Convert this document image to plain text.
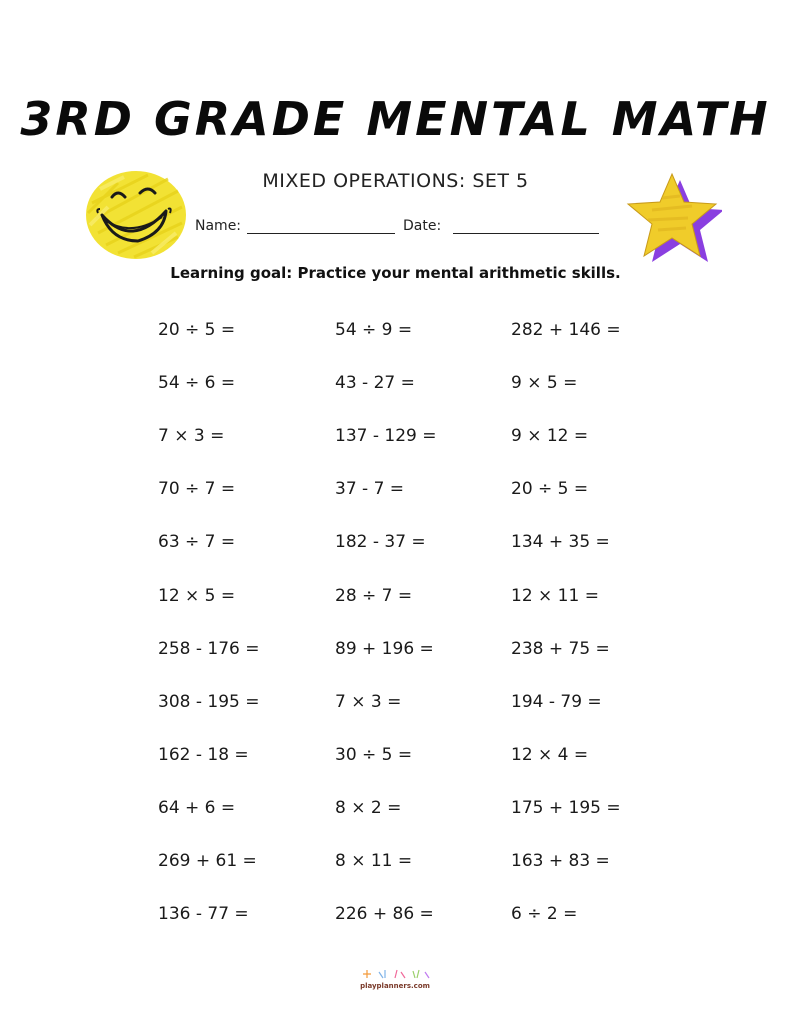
3RD GRADE MENTAL MATH
MIXED OPERATIONS: SET 5
Name:	Date:
Learning goal: Practice your mental arithmetic skills.
20 ÷ 5 =
54 ÷ 6 =
7 × 3 =
70 ÷ 7 =
63 ÷ 7 =
12 × 5 =
258 - 176 =
308 - 195 =
162 - 18 =
64 + 6 =
269 + 61 =
136 - 77 =
54 ÷ 9 =
43 - 27 =
137 - 129 =
37 - 7 =
182 - 37 =
28 ÷ 7 =
89 + 196 =
7 × 3 =
30 ÷ 5 =
8 × 2 =
8 × 11 =
226 + 86 =
282 + 146 =
9 × 5 =
9 × 12 =
20 ÷ 5 =
134 + 35 =
12 × 11 =
238 + 75 =
194 - 79 =
12 × 4 =
175 + 195 =
163 + 83 =
6 ÷ 2 =
playplanners.com
